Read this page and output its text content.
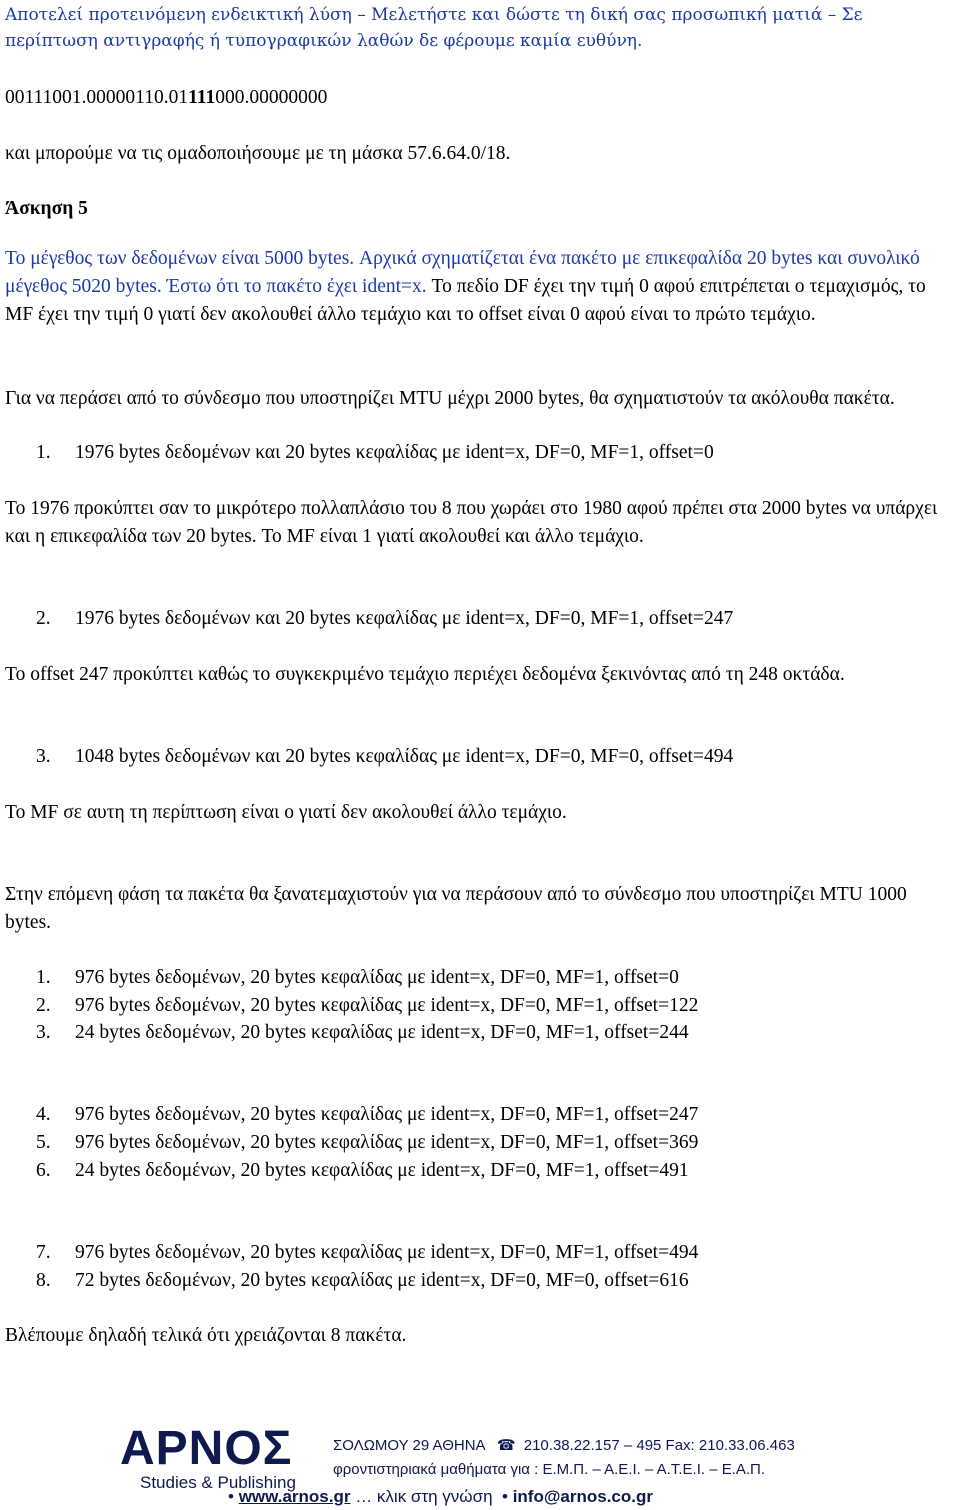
Αποτελεί προτεινόμενη ενδεικτική λύση – Μελετήστε και δώστε τη δική σας προσωπική ματιά – Σε περίπτωση αντιγραφής ή τυπογραφικών λαθών δε φέρουμε καμία ευθύνη.
00111001.00000110.01111000.00000000
και μπορούμε να τις ομαδοποιήσουμε με τη μάσκα 57.6.64.0/18.
Άσκηση 5
Το μέγεθος των δεδομένων είναι 5000 bytes. Αρχικά σχηματίζεται ένα πακέτο με επικεφαλίδα 20 bytes και συνολικό μέγεθος 5020 bytes. Έστω ότι το πακέτο έχει ident=x. Το πεδίο DF έχει την τιμή 0 αφού επιτρέπεται ο τεμαχισμός, το MF έχει την τιμή 0 γιατί δεν ακολουθεί άλλο τεμάχιο και το offset είναι 0 αφού είναι το πρώτο τεμάχιο.
Για να περάσει από το σύνδεσμο που υποστηρίζει MTU μέχρι 2000 bytes, θα σχηματιστούν τα ακόλουθα πακέτα.
1. 1976 bytes δεδομένων και 20 bytes κεφαλίδας με ident=x, DF=0, MF=1, offset=0
Το 1976 προκύπτει σαν το μικρότερο πολλαπλάσιο του 8 που χωράει στο 1980 αφού πρέπει στα 2000 bytes να υπάρχει και η επικεφαλίδα των 20 bytes. Το MF είναι 1 γιατί ακολουθεί και άλλο τεμάχιο.
2. 1976 bytes δεδομένων και 20 bytes κεφαλίδας με ident=x, DF=0, MF=1, offset=247
Το offset 247 προκύπτει καθώς το συγκεκριμένο τεμάχιο περιέχει δεδομένα ξεκινόντας από τη 248 οκτάδα.
3. 1048 bytes δεδομένων και 20 bytes κεφαλίδας με ident=x, DF=0, MF=0, offset=494
Το MF σε αυτη τη περίπτωση είναι ο γιατί δεν ακολουθεί άλλο τεμάχιο.
Στην επόμενη φάση τα πακέτα θα ξανατεμαχιστούν για να περάσουν από το σύνδεσμο που υποστηρίζει MTU 1000 bytes.
1. 976 bytes δεδομένων, 20 bytes κεφαλίδας με ident=x, DF=0, MF=1, offset=0
2. 976 bytes δεδομένων, 20 bytes κεφαλίδας με ident=x, DF=0, MF=1, offset=122
3. 24 bytes δεδομένων, 20 bytes κεφαλίδας με ident=x, DF=0, MF=1, offset=244
4. 976 bytes δεδομένων, 20 bytes κεφαλίδας με ident=x, DF=0, MF=1, offset=247
5. 976 bytes δεδομένων, 20 bytes κεφαλίδας με ident=x, DF=0, MF=1, offset=369
6. 24 bytes δεδομένων, 20 bytes κεφαλίδας με ident=x, DF=0, MF=1, offset=491
7. 976 bytes δεδομένων, 20 bytes κεφαλίδας με ident=x, DF=0, MF=1, offset=494
8. 72 bytes δεδομένων, 20 bytes κεφαλίδας με ident=x, DF=0, MF=0, offset=616
Βλέπουμε δηλαδή τελικά ότι χρειάζονται 8 πακέτα.
ΑΡΝΟΣ
Studies & Publishing
ΣΟΛΩΜΟΥ 29 ΑΘΗΝΑ ☎ 210.38.22.157 – 495 Fax: 210.33.06.463
φροντιστηριακά μαθήματα για : Ε.Μ.Π. – Α.Ε.Ι. – Α.Τ.Ε.Ι. – Ε.Α.Π.
• www.arnos.gr … κλικ στη γνώση  • info@arnos.co.gr
